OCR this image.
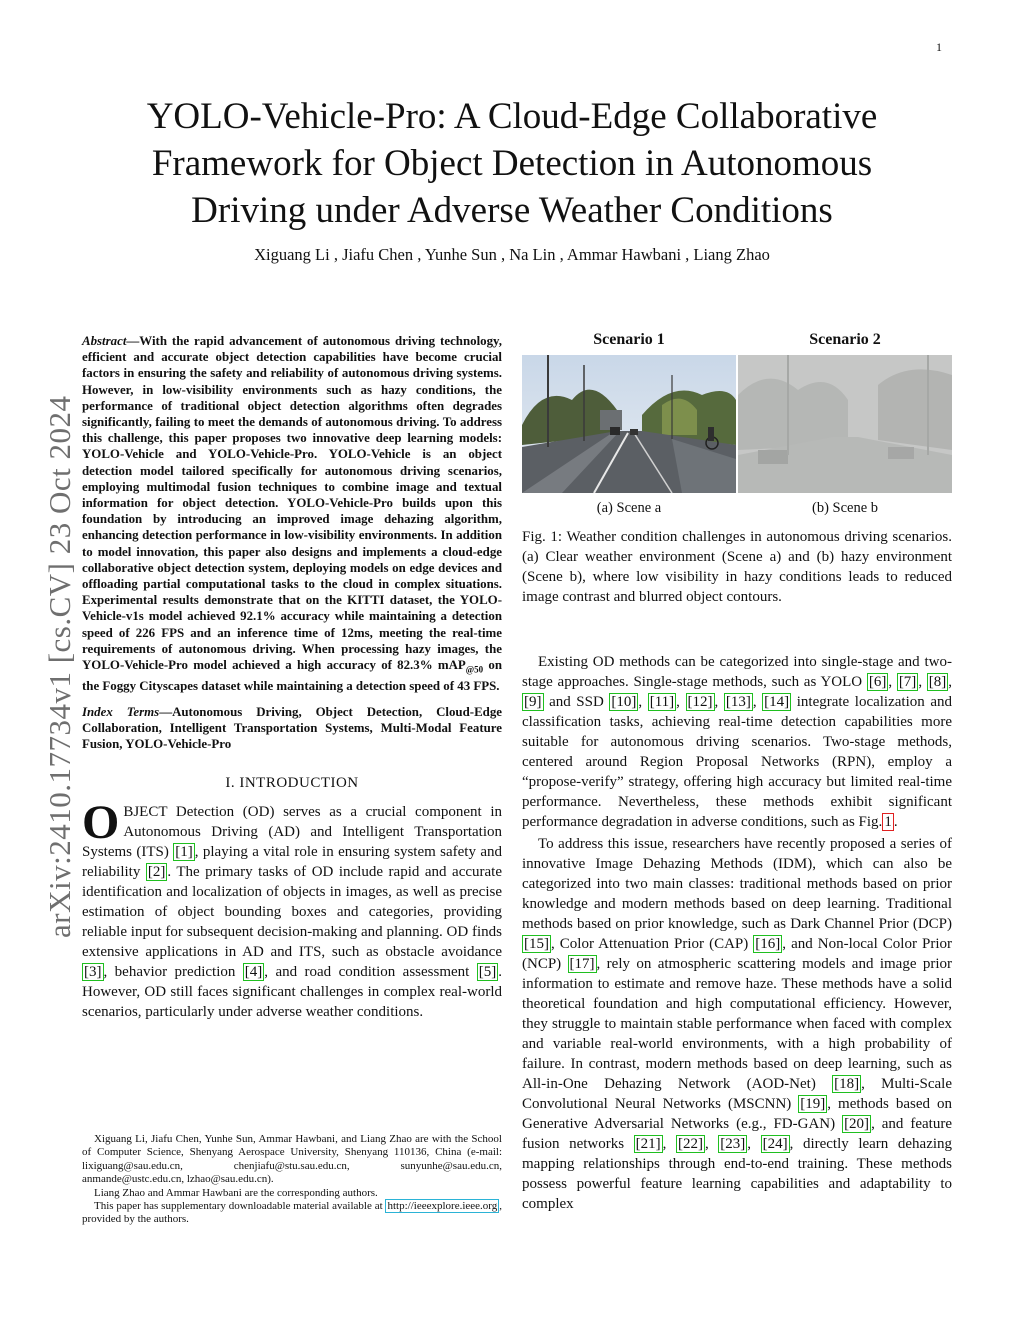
1
arXiv:2410.17734v1 [cs.CV] 23 Oct 2024
YOLO-Vehicle-Pro: A Cloud-Edge Collaborative Framework for Object Detection in Autonomous Driving under Adverse Weather Conditions
Xiguang Li , Jiafu Chen , Yunhe Sun , Na Lin , Ammar Hawbani , Liang Zhao

Abstract—With the rapid advancement of autonomous driving technology, efficient and accurate object detection capabilities have become crucial factors in ensuring the safety and reliability of autonomous driving systems. However, in low-visibility environments such as hazy conditions, the performance of traditional object detection algorithms often degrades significantly, failing to meet the demands of autonomous driving. To address this challenge, this paper proposes two innovative deep learning models: YOLO-Vehicle and YOLO-Vehicle-Pro. YOLO-Vehicle is an object detection model tailored specifically for autonomous driving scenarios, employing multimodal fusion techniques to combine image and textual information for object detection. YOLO-Vehicle-Pro builds upon this foundation by introducing an improved image dehazing algorithm, enhancing detection performance in low-visibility environments. In addition to model innovation, this paper also designs and implements a cloud-edge collaborative object detection system, deploying models on edge devices and offloading partial computational tasks to the cloud in complex situations. Experimental results demonstrate that on the KITTI dataset, the YOLO-Vehicle-v1s model achieved 92.1% accuracy while maintaining a detection speed of 226 FPS and an inference time of 12ms, meeting the real-time requirements of autonomous driving. When processing hazy images, the YOLO-Vehicle-Pro model achieved a high accuracy of 82.3% mAP$_{@50}$ on the Foggy Cityscapes dataset while maintaining a detection speed of 43 FPS.

Index Terms—Autonomous Driving, Object Detection, Cloud-Edge Collaboration, Intelligent Transportation Systems, Multi-Modal Feature Fusion, YOLO-Vehicle-Pro

I. INTRODUCTION

OBJECT Detection (OD) serves as a crucial component in Autonomous Driving (AD) and Intelligent Transportation Systems (ITS) [1] , playing a vital role in ensuring system safety and reliability [2] . The primary tasks of OD include rapid and accurate identification and localization of objects in images, as well as precise estimation of object bounding boxes and categories, providing reliable input for subsequent decision-making and planning. OD finds extensive applications in AD and ITS, such as obstacle avoidance [3] , behavior prediction [4] , and road condition assessment [5] . However, OD still faces significant challenges in complex real-world scenarios, particularly under adverse weather conditions.

Xiguang Li, Jiafu Chen, Yunhe Sun, Ammar Hawbani, and Liang Zhao are with the School of Computer Science, Shenyang Aerospace University, Shenyang 110136, China (e-mail: lixiguang@sau.edu.cn, chenjiafu@stu.sau.edu.cn, sunyunhe@sau.edu.cn, anmande@ustc.edu.cn, lzhao@sau.edu.cn).

Liang Zhao and Ammar Hawbani are the corresponding authors.

This paper has supplementary downloadable material available at http://ieeexplore.ieee.org , provided by the authors.

Scenario 1	Scenario 2
(a) Scene a	(b) Scene b
Fig. 1: Weather condition challenges in autonomous driving scenarios. (a) Clear weather environment (Scene a) and (b) hazy environment (Scene b), where low visibility in hazy conditions leads to reduced image contrast and blurred object contours.

Existing OD methods can be categorized into single-stage and two-stage approaches. Single-stage methods, such as YOLO [6] , [7] , [8] , [9] and SSD [10] , [11] , [12] , [13] , [14] integrate localization and classification tasks, achieving real-time detection capabilities more suitable for autonomous driving scenarios. Two-stage methods, centered around Region Proposal Networks (RPN), employ a “propose-verify” strategy, offering high accuracy but limited real-time performance. Nevertheless, these methods exhibit significant performance degradation in adverse conditions, such as Fig. 1 .

To address this issue, researchers have recently proposed a series of innovative Image Dehazing Methods (IDM), which can also be categorized into two main classes: traditional methods based on prior knowledge and modern methods based on deep learning. Traditional methods based on prior knowledge, such as Dark Channel Prior (DCP) [15] , Color Attenuation Prior (CAP) [16] , and Non-local Color Prior (NCP) [17] , rely on atmospheric scattering models and image prior information to estimate and remove haze. These methods have a solid theoretical foundation and high computational efficiency. However, they struggle to maintain stable performance when faced with complex and variable real-world environments, with a high probability of failure. In contrast, modern methods based on deep learning, such as All-in-One Dehazing Network (AOD-Net) [18] , Multi-Scale Convolutional Neural Networks (MSCNN) [19] , methods based on Generative Adversarial Networks (e.g., FD-GAN) [20] , and feature fusion networks [21] , [22] , [23] , [24] , directly learn dehazing mapping relationships through end-to-end training. These methods possess powerful feature learning capabilities and adaptability to complex
